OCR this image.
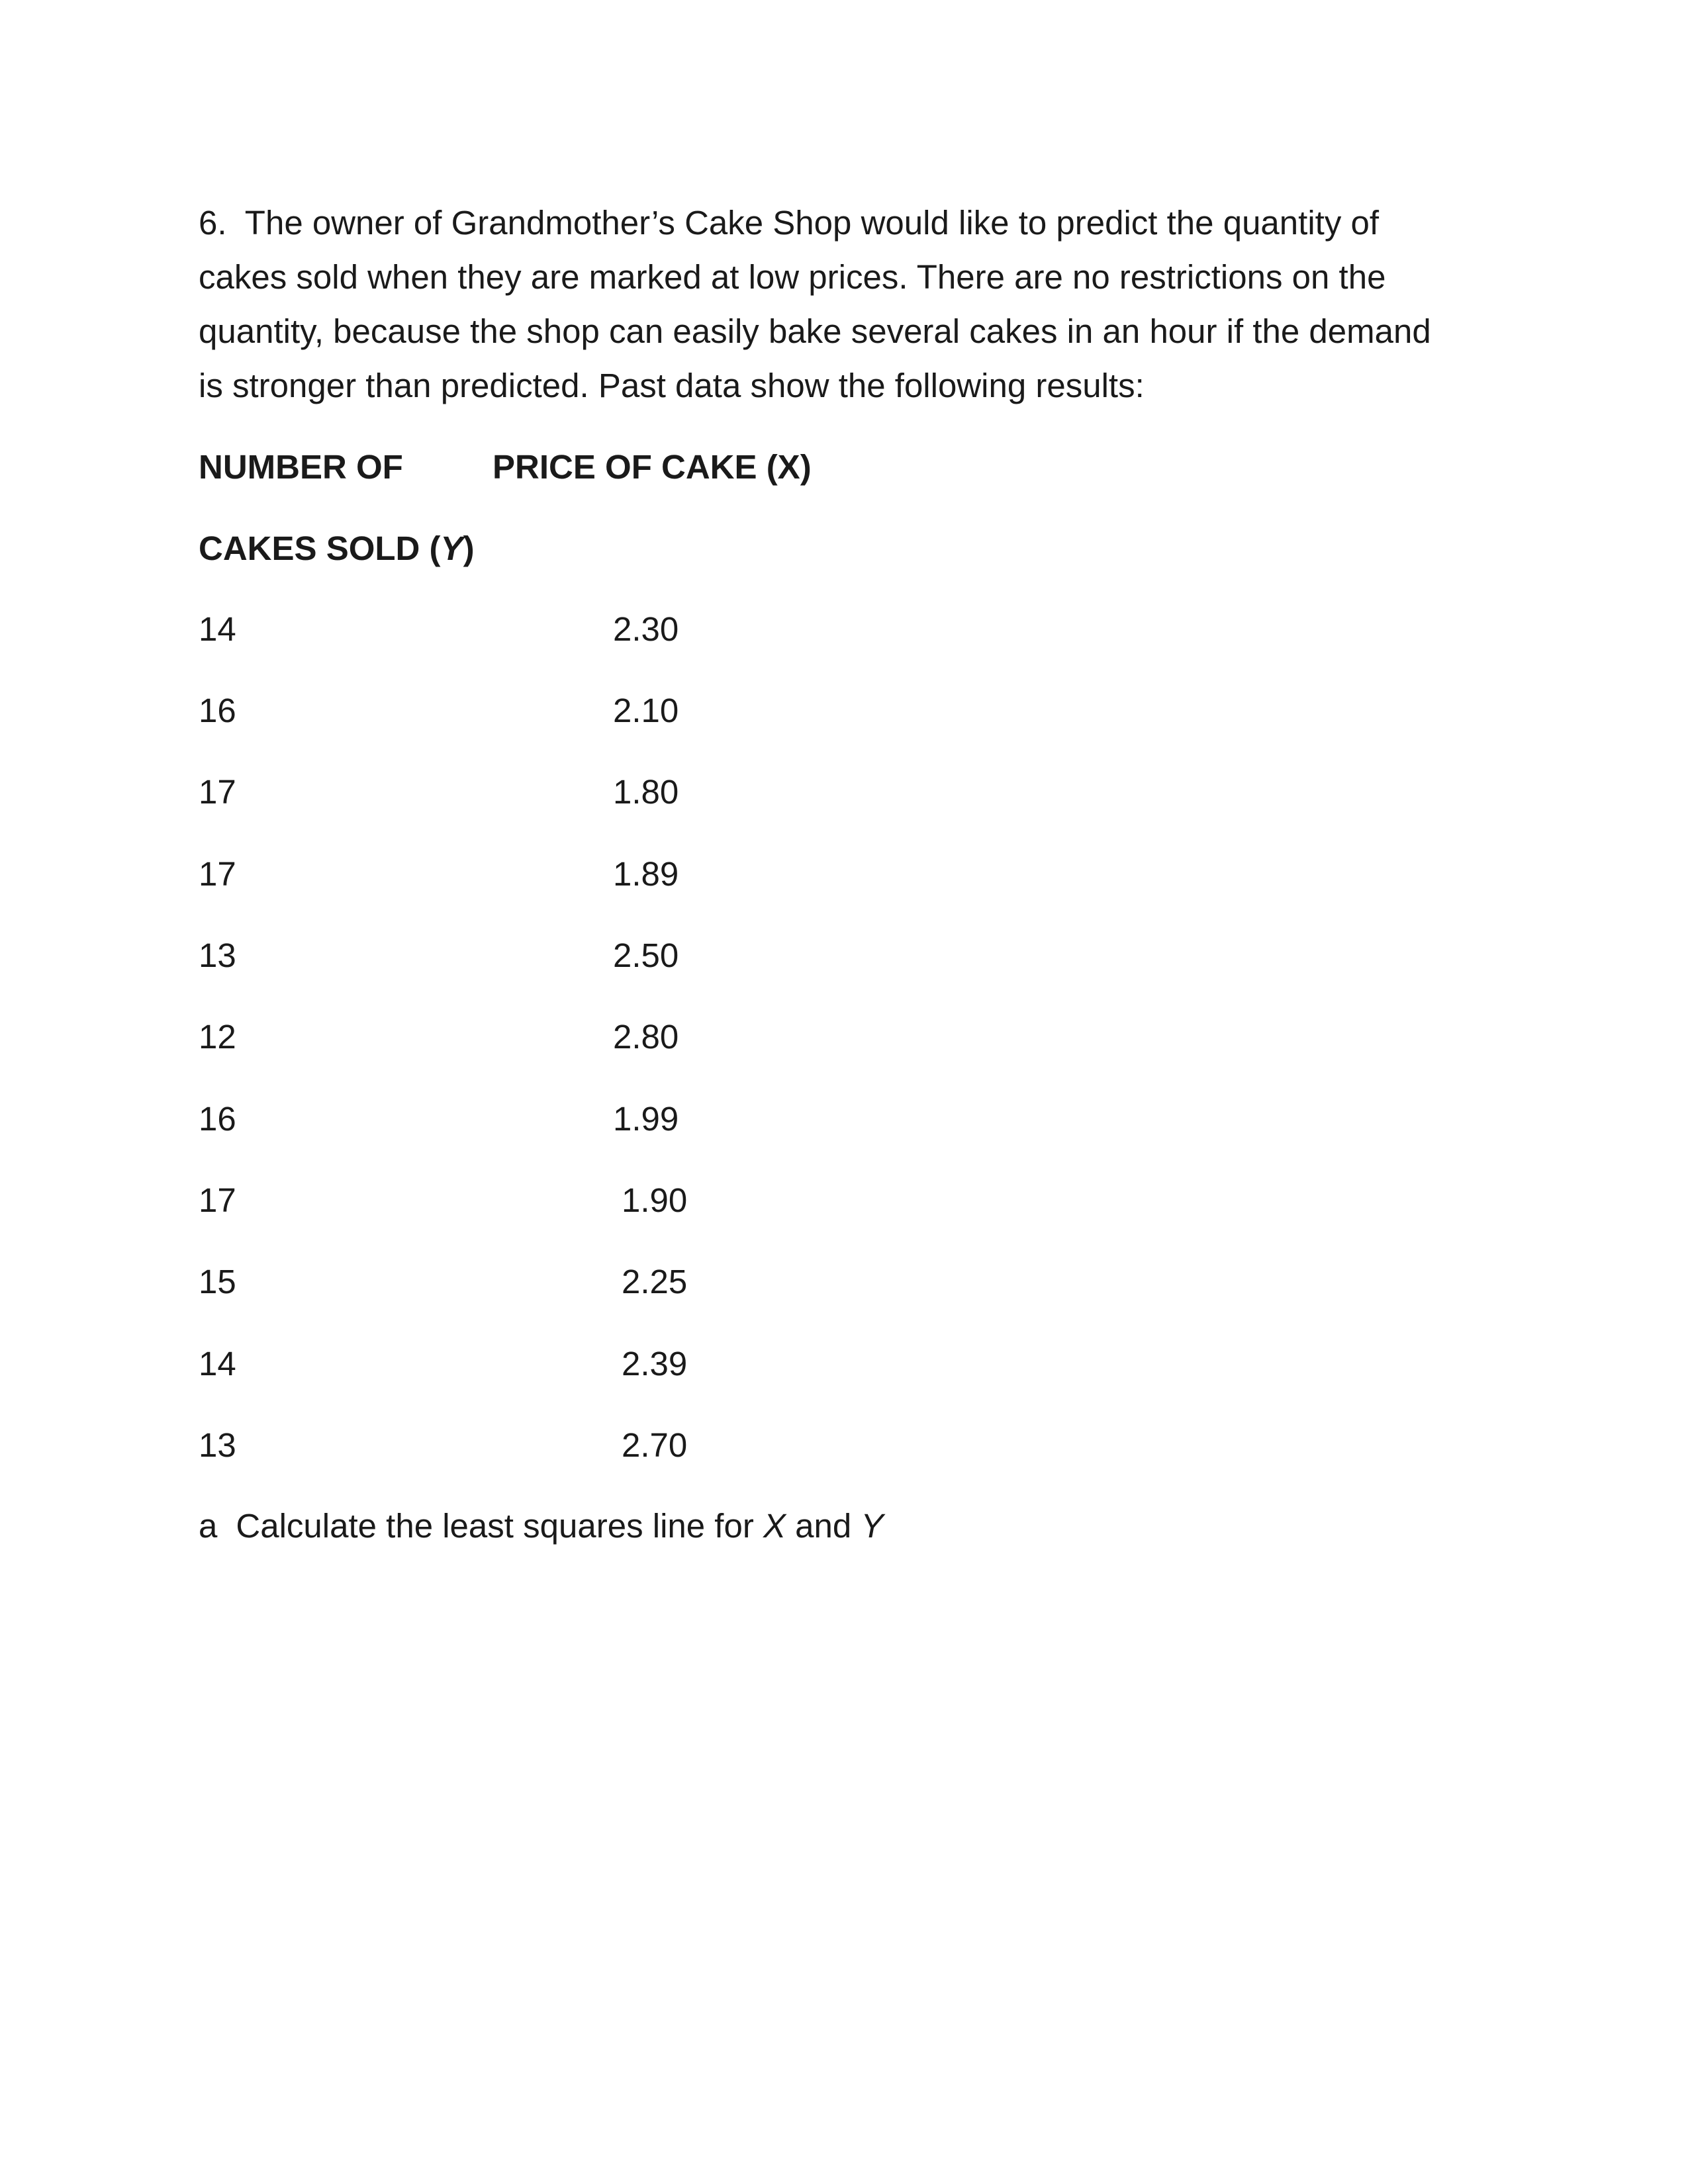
6. The owner of Grandmother’s Cake Shop would like to predict the quantity of
cakes sold when they are marked at low prices. There are no restrictions on the
quantity, because the shop can easily bake several cakes in an hour if the demand
is stronger than predicted. Past data show the following results:
NUMBER OF	PRICE OF CAKE (X)
CAKES SOLD (Y)
14	2.30
16	2.10
17	1.80
17	1.89
13	2.50
12	2.80
16	1.99
17	1.90
15	2.25
14	2.39
13	2.70
a Calculate the least squares line for X and Y
